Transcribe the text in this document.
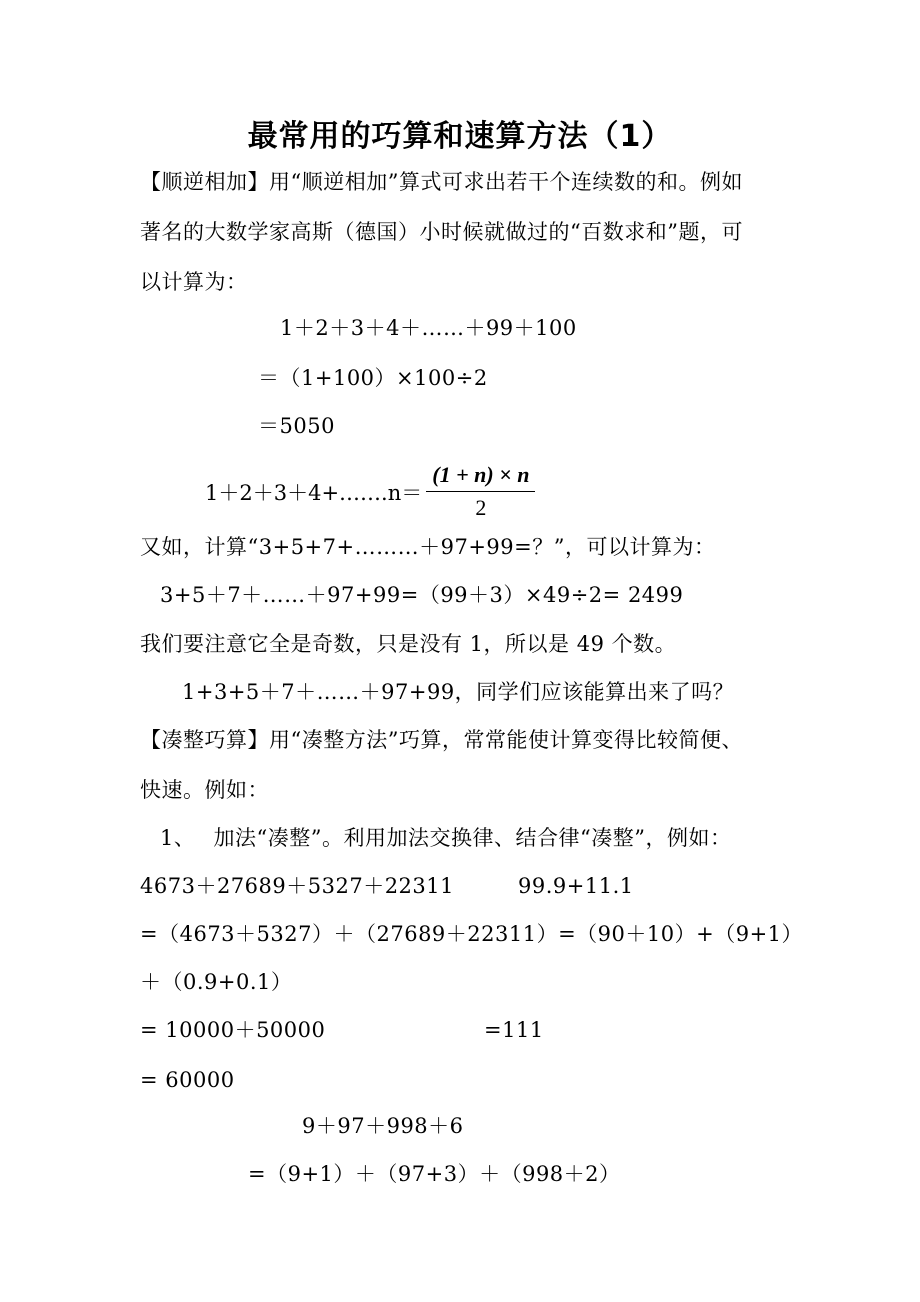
最常用的巧算和速算方法（1）
【顺逆相加】用“顺逆相加”算式可求出若干个连续数的和。例如
著名的大数学家高斯（德国）小时候就做过的“百数求和”题，可
以计算为：
1＋2＋3＋4＋……＋99＋100
＝（1+100）×100÷2
＝5050
1＋2＋3＋4+…….n＝ $\frac{(1 + n) \times n}{2}$
又如，计算“3+5+7+………＋97+99=？”，可以计算为：
3+5＋7＋……＋97+99=（99＋3）×49÷2= 2499
我们要注意它全是奇数，只是没有 1，所以是 49 个数。
1+3+5＋7＋……＋97+99，同学们应该能算出来了吗？
【凑整巧算】用“凑整方法”巧算，常常能使计算变得比较简便、
快速。例如：
1、　 加法“凑整”。利用加法交换律、结合律“凑整”，例如：
4673＋27689＋5327＋22311	99.9+11.1
=（4673＋5327）＋（27689＋22311）=（90＋10）+（9+1）
＋（0.9+0.1）
= 10000＋50000	=111
= 60000
9＋97＋998＋6
=（9+1）＋（97+3）＋（998＋2）
